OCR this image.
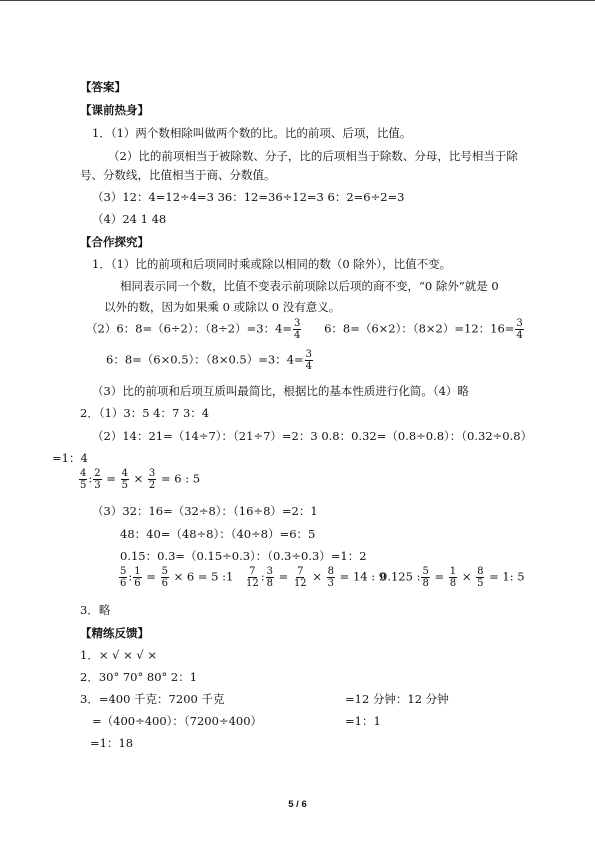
【答案】
【课前热身】
1．（1）两个数相除叫做两个数的比。比的前项、后项，比值。
（2）比的前项相当于被除数、分子，比的后项相当于除数、分母，比号相当于除
号、分数线，比值相当于商、分数值。
（3）12：4=12÷4=3 36：12=36÷12=3 6：2=6÷2=3
（4）24 1 48
【合作探究】
1．（1）比的前项和后项同时乘或除以相同的数（0 除外），比值不变。
相同表示同一个数，比值不变表示前项除以后项的商不变，“0 除外”就是 0
以外的数，因为如果乘 0 或除以 0 没有意义。
（2）6：8=（6÷2）：（8÷2）=3：$4= \frac{3}{4} 6$：8=（6×2）：（8×2）=12：$16= \frac{3}{4}$
6：8=（6×0.5）：（8×0.5）=3：$4= \frac{3}{4}$
（3）比的前项和后项互质叫最简比，根据比的基本性质进行化简。（4）略
2．（1）3：5 4：7 3：4
（2）14：21=（14÷7）：（21÷7）=2：3 0.8：0.32=（0.8÷0.8）：（0.32÷0.8）
=1：4
$\frac{4}{5}$ : $\frac{2}{3} = \frac{4}{5} \times \frac{3}{2} = 6$ : 5
（3）32：16=（32÷8）：（16÷8）=2：1
48：40=（48÷8）：（40÷8）=6：5
0.15：0.3=（0.15÷0.3）：（0.3÷0.3）=1：2
$\frac{5}{6}$ : $\frac{1}{6} = \frac{5}{6} \times 6 = 5$ :1 $\frac{7}{12}$ : $\frac{3}{8} = \frac{7}{12} \times \frac{8}{3} = 14$ : 9
0.125 : $\frac{5}{8} = \frac{1}{8} \times \frac{8}{5} = 1$: 5
3．略
【精练反馈】
1．× √ × √ ×
2．30° 70° 80° 2：1
3．=400 千克：7200 千克	=12 分钟：12 分钟
=（400÷400）：（7200÷400）	=1：1
=1：18
5 / 6
